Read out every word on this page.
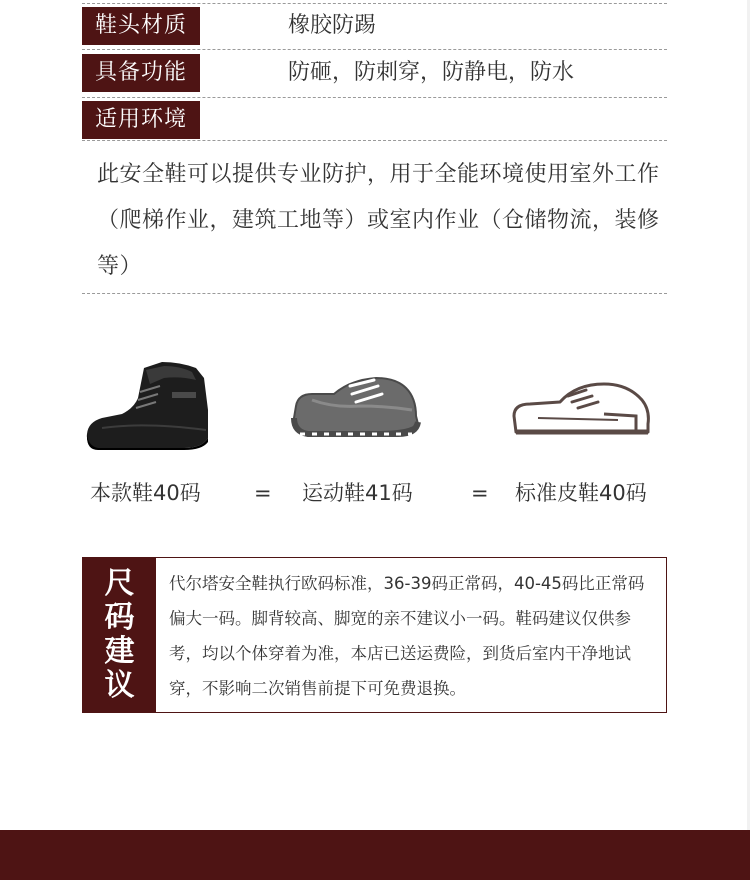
鞋头材质	橡胶防踢
具备功能	防砸，防刺穿，防静电，防水
适用环境
此安全鞋可以提供专业防护，用于全能环境使用室外工作（爬梯作业，建筑工地等）或室内作业（仓储物流，装修等）
本款鞋40码	= 运动鞋41码	= 标准皮鞋40码
尺码建议
代尔塔安全鞋执行欧码标准，36-39码正常码，40-45码比正常码偏大一码。脚背较高、脚宽的亲不建议小一码。鞋码建议仅供参考，均以个体穿着为准，本店已送运费险，到货后室内干净地试穿，不影响二次销售前提下可免费退换。
